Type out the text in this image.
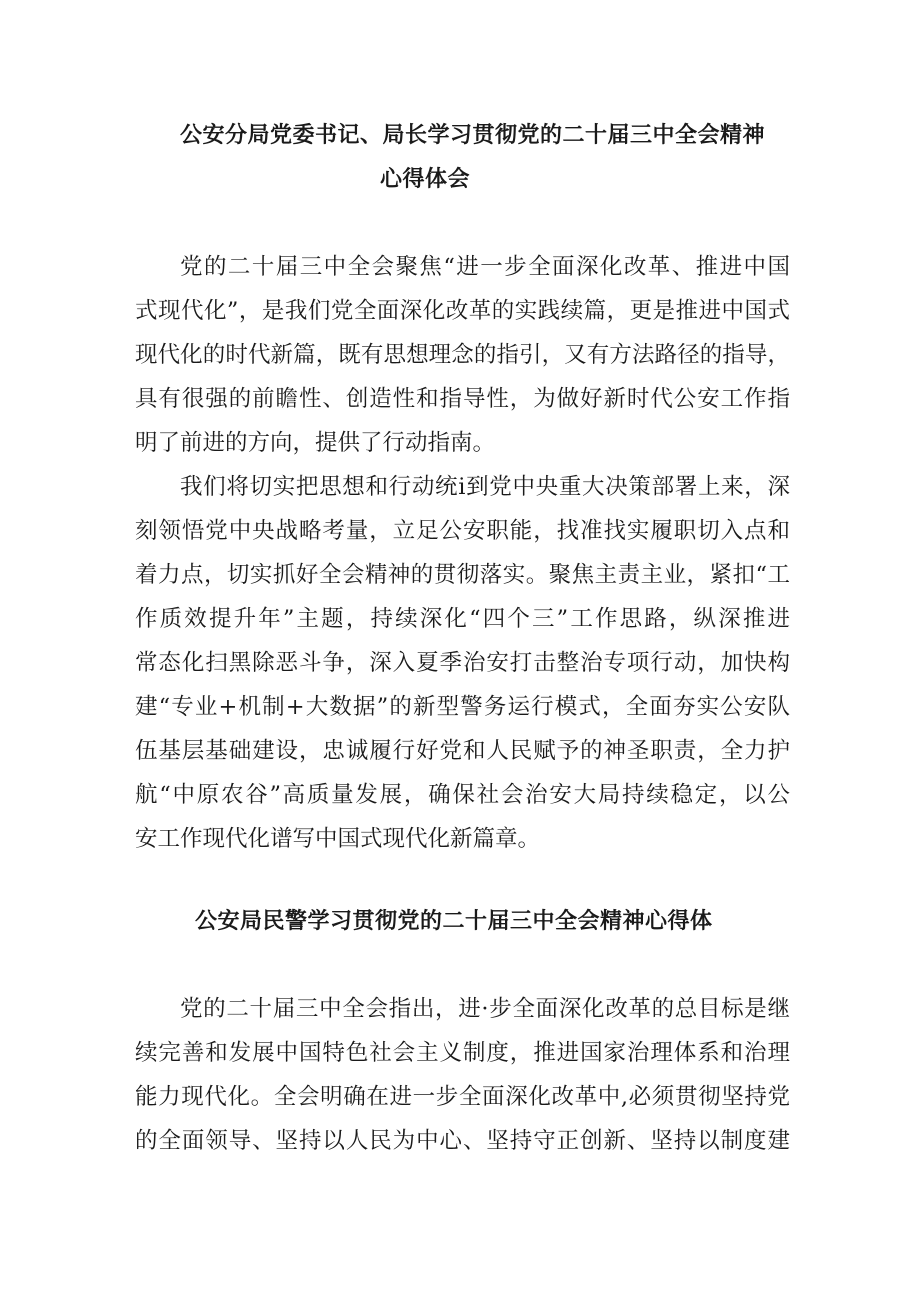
公安分局党委书记、局长学习贯彻党的二十届三中全会精神
心得体会
党的二十届三中全会聚焦“进一步全面深化改革、推进中国
式现代化”，是我们党全面深化改革的实践续篇，更是推进中国式
现代化的时代新篇，既有思想理念的指引，又有方法路径的指导，
具有很强的前瞻性、创造性和指导性，为做好新时代公安工作指
明了前进的方向，提供了行动指南。
我们将切实把思想和行动统ⅰ到党中央重大决策部署上来，深
刻领悟党中央战略考量，立足公安职能，找准找实履职切入点和
着力点，切实抓好全会精神的贯彻落实。聚焦主责主业，紧扣“工
作质效提升年”主题，持续深化“四个三”工作思路，纵深推进
常态化扫黑除恶斗争，深入夏季治安打击整治专项行动，加快构
建“专业+机制+大数据”的新型警务运行模式，全面夯实公安队
伍基层基础建设，忠诚履行好党和人民赋予的神圣职责，全力护
航“中原农谷”高质量发展，确保社会治安大局持续稳定，以公
安工作现代化谱写中国式现代化新篇章。
公安局民警学习贯彻党的二十届三中全会精神心得体
党的二十届三中全会指出，进·步全面深化改革的总目标是继
续完善和发展中国特色社会主义制度，推进国家治理体系和治理
能力现代化。全会明确在进一步全面深化改革中,必须贯彻坚持党
的全面领导、坚持以人民为中心、坚持守正创新、坚持以制度建
